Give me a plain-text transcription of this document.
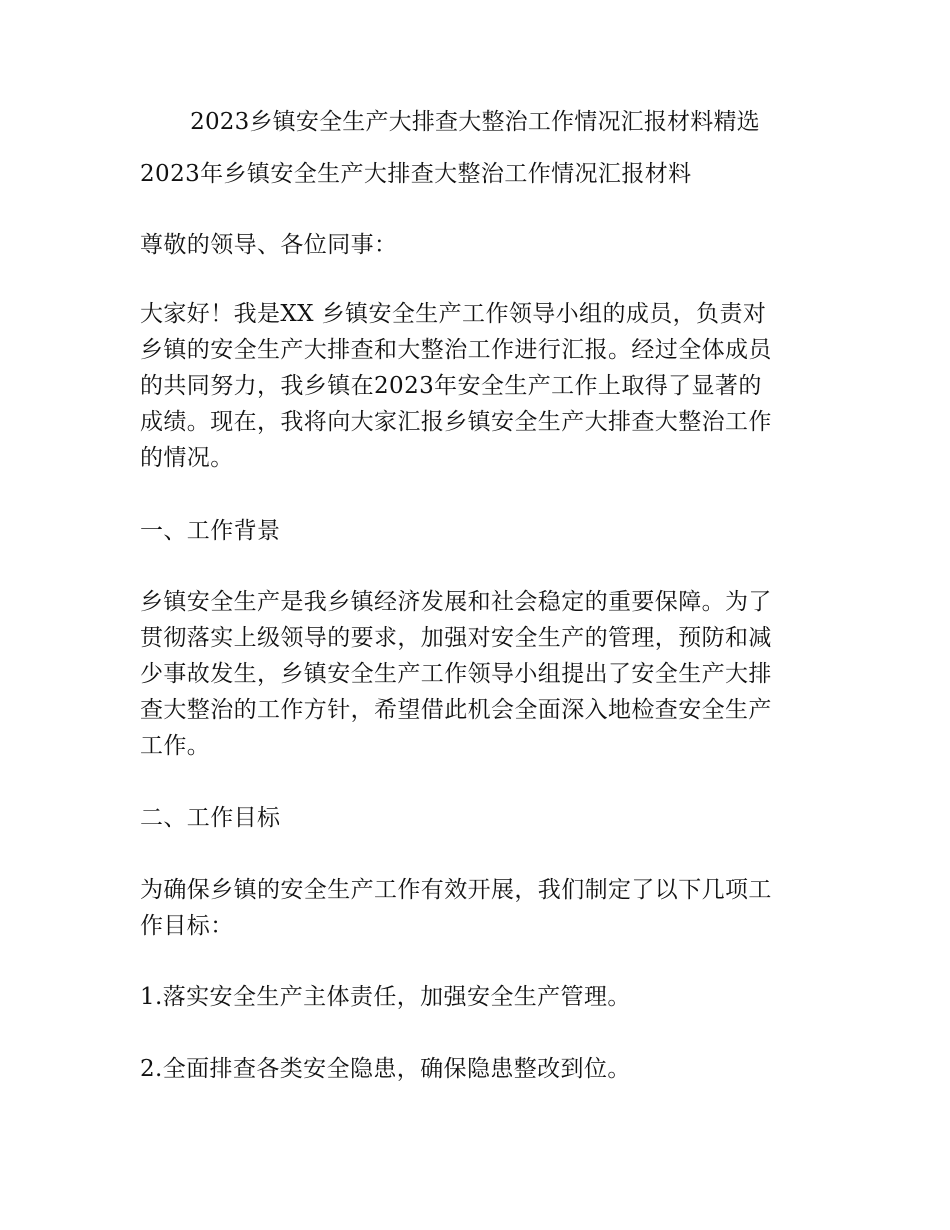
2023乡镇安全生产大排查大整治工作情况汇报材料精选
2023年乡镇安全生产大排查大整治工作情况汇报材料
尊敬的领导、各位同事：
大家好！我是XX 乡镇安全生产工作领导小组的成员，负责对
乡镇的安全生产大排查和大整治工作进行汇报。经过全体成员
的共同努力，我乡镇在2023年安全生产工作上取得了显著的
成绩。现在，我将向大家汇报乡镇安全生产大排查大整治工作
的情况。
一、工作背景
乡镇安全生产是我乡镇经济发展和社会稳定的重要保障。为了
贯彻落实上级领导的要求，加强对安全生产的管理，预防和减
少事故发生，乡镇安全生产工作领导小组提出了安全生产大排
查大整治的工作方针，希望借此机会全面深入地检查安全生产
工作。
二、工作目标
为确保乡镇的安全生产工作有效开展，我们制定了以下几项工
作目标：
1.落实安全生产主体责任，加强安全生产管理。
2.全面排查各类安全隐患，确保隐患整改到位。
